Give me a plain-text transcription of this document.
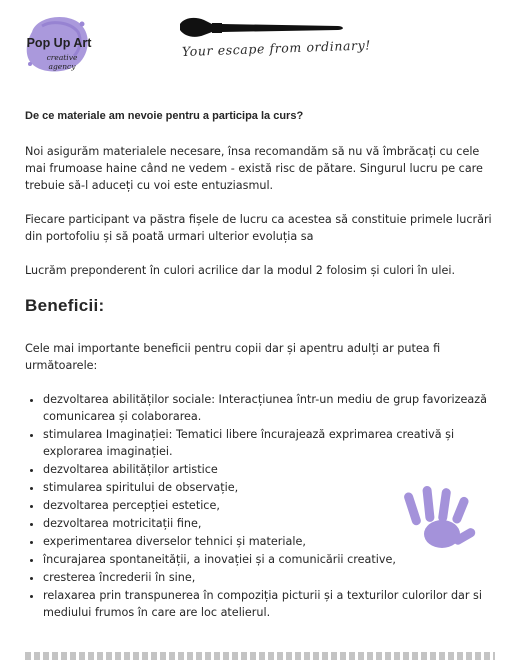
Pop Up Art
creative agency
Your escape from ordinary!
De ce materiale am nevoie pentru a participa la curs?

Noi asigurăm materialele necesare, însa recomandăm să nu vă îmbrăcați cu cele mai frumoase haine când ne vedem - există risc de pătare. Singurul lucru pe care trebuie să-l aduceți cu voi este entuziasmul.

Fiecare participant va păstra fișele de lucru ca acestea să constituie primele lucrări din portofoliu și să poată urmari ulterior evoluția sa

Lucrăm preponderent în culori acrilice dar la modul 2 folosim și culori în ulei.

Beneficii:

Cele mai importante beneficii pentru copii dar și apentru adulți ar putea fi următoarele:

• dezvoltarea abilităților sociale: Interacțiunea într-un mediu de grup favorizează comunicarea și colaborarea.
• stimularea Imaginației: Tematici libere încurajează exprimarea creativă și explorarea imaginației.
• dezvoltarea abilităților artistice
• stimularea spiritului de observație,
• dezvoltarea percepției estetice,
• dezvoltarea motricitații fine,
• experimentarea diverselor tehnici și materiale,
• încurajarea spontaneității, a inovației și a comunicării creative,
• cresterea încrederii în sine,
• relaxarea prin transpunerea în compoziția picturii și a texturilor culorilor dar si mediului frumos în care are loc atelierul.
